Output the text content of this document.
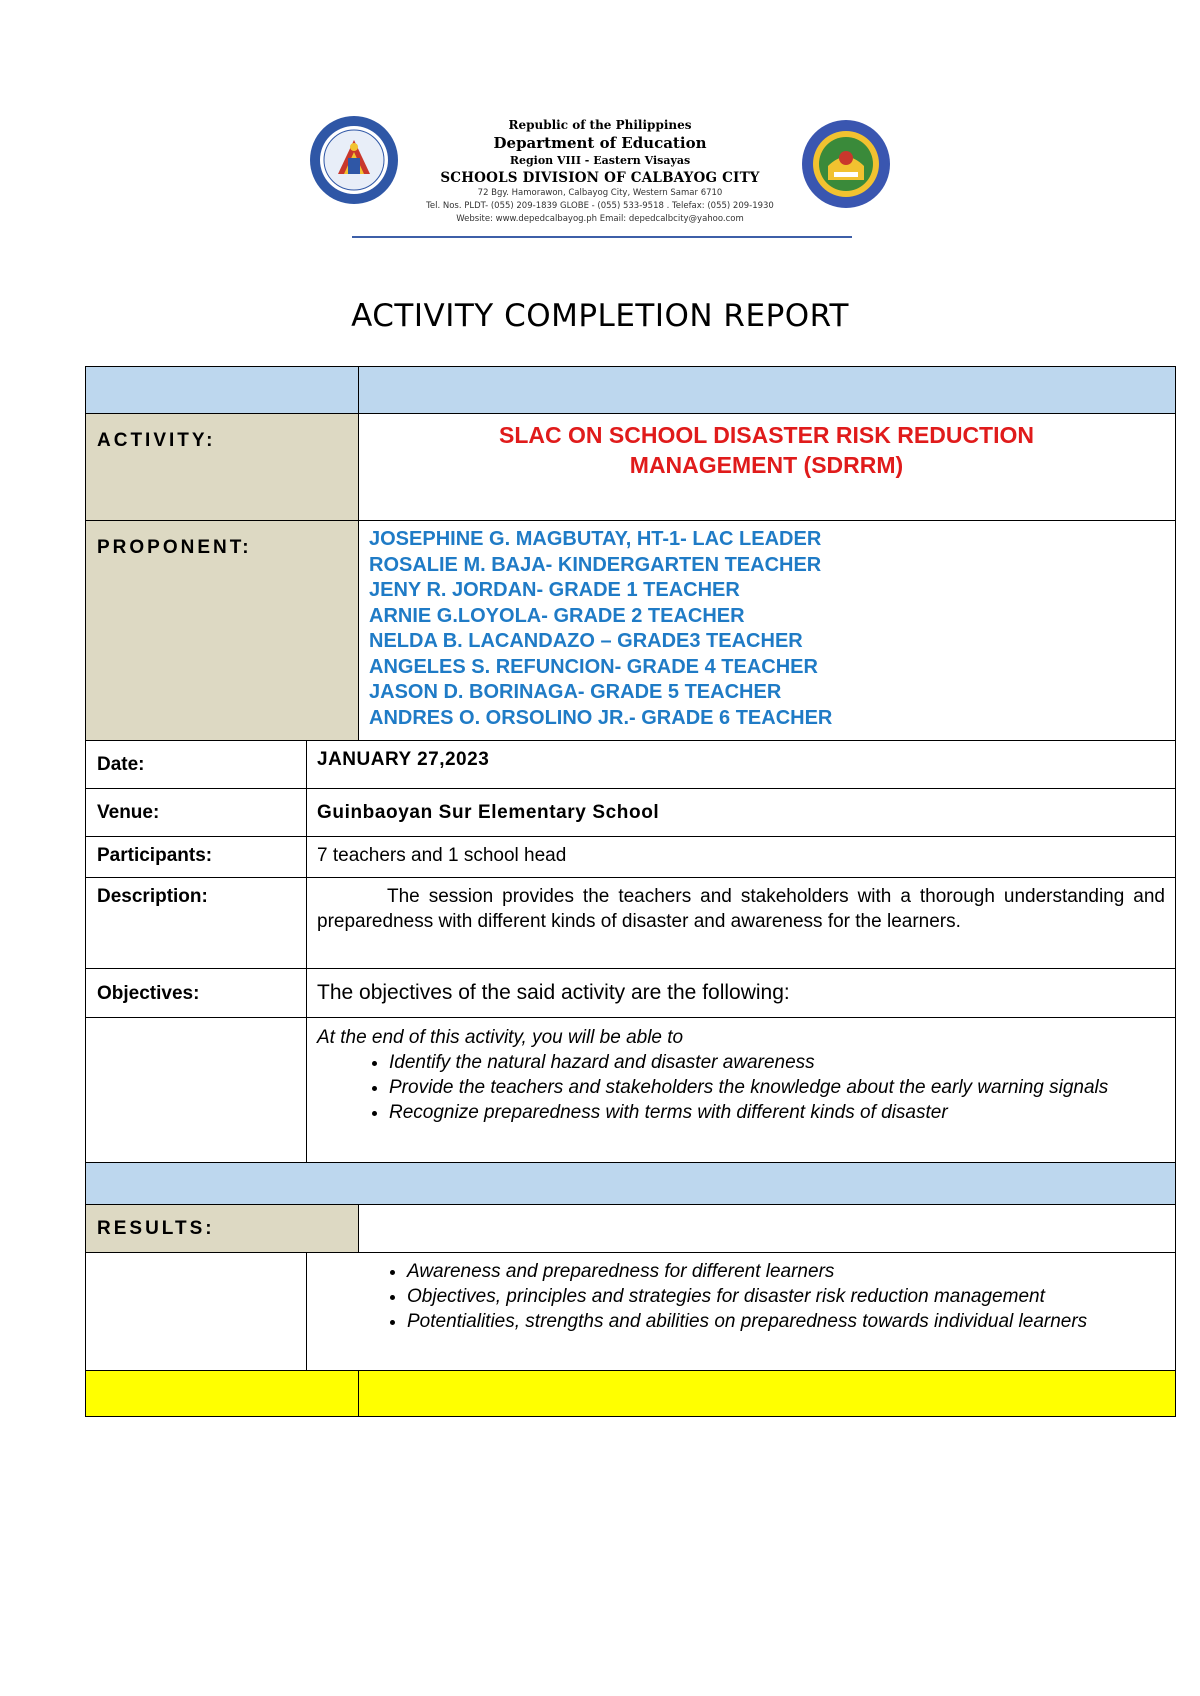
Republic of the Philippines
Department of Education
Region VIII - Eastern Visayas
SCHOOLS DIVISION OF CALBAYOG CITY
72 Bgy. Hamorawon, Calbayog City, Western Samar 6710
Tel. Nos. PLDT- (055) 209-1839 GLOBE - (055) 533-9518 . Telefax: (055) 209-1930
Website: www.depedcalbayog.ph Email: depedcalbcity@yahoo.com
ACTIVITY COMPLETION REPORT
ACTIVITY:	SLAC ON SCHOOL DISASTER RISK REDUCTION
MANAGEMENT (SDRRM)
PROPONENT:	JOSEPHINE G. MAGBUTAY, HT-1- LAC LEADER
ROSALIE M. BAJA- KINDERGARTEN TEACHER
JENY R. JORDAN- GRADE 1 TEACHER
ARNIE G.LOYOLA- GRADE 2 TEACHER
NELDA B. LACANDAZO – GRADE3 TEACHER
ANGELES S. REFUNCION- GRADE 4 TEACHER
JASON D. BORINAGA- GRADE 5 TEACHER
ANDRES O. ORSOLINO JR.- GRADE 6 TEACHER
Date:	JANUARY 27,2023
Venue:	Guinbaoyan Sur Elementary School
Participants:	7 teachers and 1 school head
Description:	The session provides the teachers and stakeholders with a thorough understanding and preparedness with different kinds of disaster and awareness for the learners.
Objectives:	The objectives of the said activity are the following:
At the end of this activity, you will be able to
• Identify the natural hazard and disaster awareness
• Provide the teachers and stakeholders the knowledge about the early warning signals
• Recognize preparedness with terms with different kinds of disaster
RESULTS:
• Awareness and preparedness for different learners
• Objectives, principles and strategies for disaster risk reduction management
• Potentialities, strengths and abilities on preparedness towards individual learners
